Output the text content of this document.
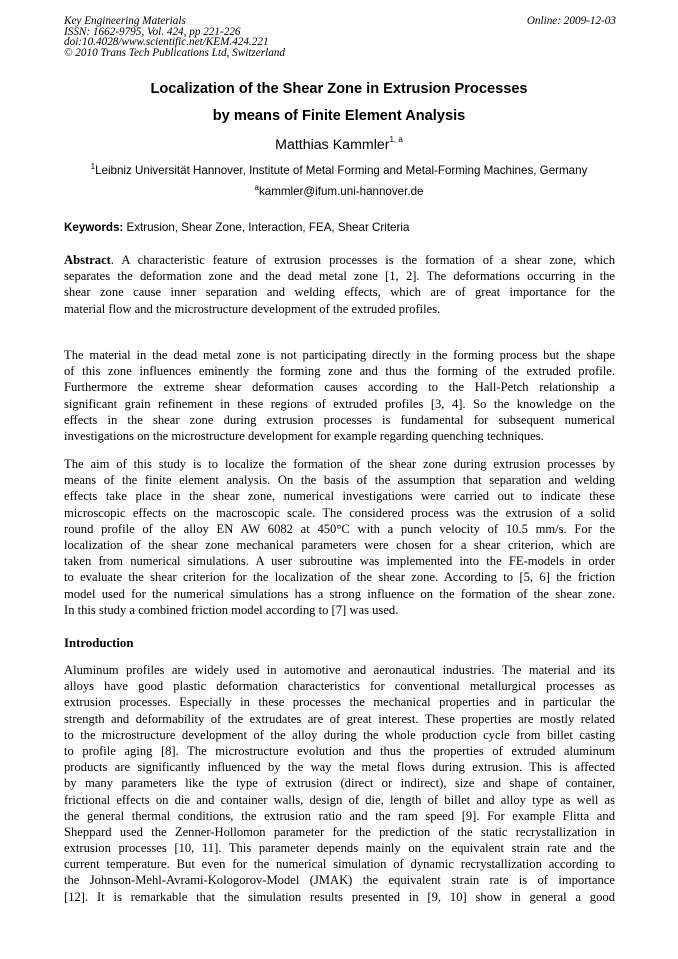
Key Engineering Materials
ISSN: 1662-9795, Vol. 424, pp 221-226
doi:10.4028/www.scientific.net/KEM.424.221
© 2010 Trans Tech Publications Ltd, Switzerland
Online: 2009-12-03
Localization of the Shear Zone in Extrusion Processes
by means of Finite Element Analysis
Matthias Kammler$^{1, a}$
$^1$Leibniz Universität Hannover, Institute of Metal Forming and Metal-Forming Machines, Germany
$^a$kammler@ifum.uni-hannover.de
Keywords: Extrusion, Shear Zone, Interaction, FEA, Shear Criteria
Abstract. A characteristic feature of extrusion processes is the formation of a shear zone, which
separates the deformation zone and the dead metal zone [1, 2]. The deformations occurring in the
shear zone cause inner separation and welding effects, which are of great importance for the
material flow and the microstructure development of the extruded profiles.
The material in the dead metal zone is not participating directly in the forming process but the shape
of this zone influences eminently the forming zone and thus the forming of the extruded profile.
Furthermore the extreme shear deformation causes according to the Hall-Petch relationship a
significant grain refinement in these regions of extruded profiles [3, 4]. So the knowledge on the
effects in the shear zone during extrusion processes is fundamental for subsequent numerical
investigations on the microstructure development for example regarding quenching techniques.
The aim of this study is to localize the formation of the shear zone during extrusion processes by
means of the finite element analysis. On the basis of the assumption that separation and welding
effects take place in the shear zone, numerical investigations were carried out to indicate these
microscopic effects on the macroscopic scale. The considered process was the extrusion of a solid
round profile of the alloy EN AW 6082 at 450°C with a punch velocity of 10.5 mm/s. For the
localization of the shear zone mechanical parameters were chosen for a shear criterion, which are
taken from numerical simulations. A user subroutine was implemented into the FE-models in order
to evaluate the shear criterion for the localization of the shear zone. According to [5, 6] the friction
model used for the numerical simulations has a strong influence on the formation of the shear zone.
In this study a combined friction model according to [7] was used.
Introduction
Aluminum profiles are widely used in automotive and aeronautical industries. The material and its
alloys have good plastic deformation characteristics for conventional metallurgical processes as
extrusion processes. Especially in these processes the mechanical properties and in particular the
strength and deformability of the extrudates are of great interest. These properties are mostly related
to the microstructure development of the alloy during the whole production cycle from billet casting
to profile aging [8]. The microstructure evolution and thus the properties of extruded aluminum
products are significantly influenced by the way the metal flows during extrusion. This is affected
by many parameters like the type of extrusion (direct or indirect), size and shape of container,
frictional effects on die and container walls, design of die, length of billet and alloy type as well as
the general thermal conditions, the extrusion ratio and the ram speed [9]. For example Flitta and
Sheppard used the Zenner-Hollomon parameter for the prediction of the static recrystallization in
extrusion processes [10, 11]. This parameter depends mainly on the equivalent strain rate and the
current temperature. But even for the numerical simulation of dynamic recrystallization according to
the Johnson-Mehl-Avrami-Kologorov-Model (JMAK) the equivalent strain rate is of importance
[12]. It is remarkable that the simulation results presented in [9, 10] show in general a good
